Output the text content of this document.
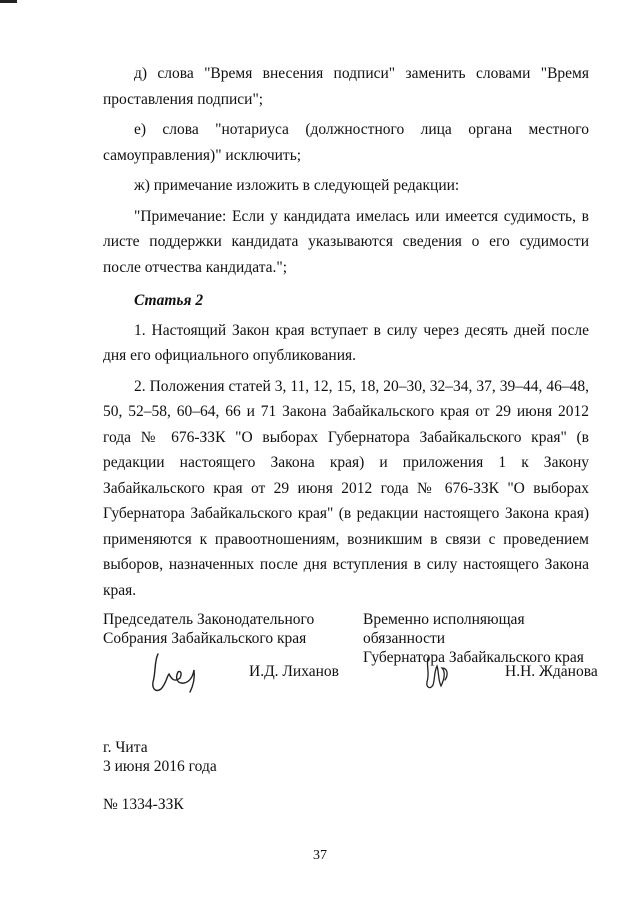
д) слова "Время внесения подписи" заменить словами "Время проставления подписи";

е) слова "нотариуса (должностного лица органа местного самоуправления)" исключить;

ж) примечание изложить в следующей редакции:

"Примечание: Если у кандидата имелась или имеется судимость, в листе поддержки кандидата указываются сведения о его судимости после отчества кандидата.";

Статья 2

1. Настоящий Закон края вступает в силу через десять дней после дня его официального опубликования.

2. Положения статей 3, 11, 12, 15, 18, 20–30, 32–34, 37, 39–44, 46–48, 50, 52–58, 60–64, 66 и 71 Закона Забайкальского края от 29 июня 2012 года № 676-ЗЗК "О выборах Губернатора Забайкальского края" (в редакции настоящего Закона края) и приложения 1 к Закону Забайкальского края от 29 июня 2012 года № 676-ЗЗК "О выборах Губернатора Забайкальского края" (в редакции настоящего Закона края) применяются к правоотношениям, возникшим в связи с проведением выборов, назначенных после дня вступления в силу настоящего Закона края.

Председатель Законодательного
Собрания Забайкальского края
Временно исполняющая обязанности
Губернатора Забайкальского края
И.Д. Лиханов	Н.Н. Жданова
г. Чита
3 июня 2016 года
№ 1334-ЗЗК
37
